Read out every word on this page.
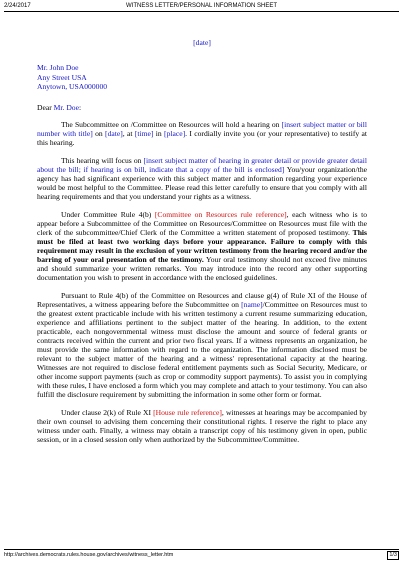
2/24/2017	WITNESS LETTER/PERSONAL INFORMATION SHEET
[date]
Mr. John Doe
Any Street USA
Anytown, USA000000
Dear Mr. Doe:

The Subcommittee on /Committee on Resources will hold a hearing on [insert subject matter or bill number with title] on [date], at [time] in [place]. I cordially invite you (or your representative) to testify at this hearing.

This hearing will focus on [insert subject matter of hearing in greater detail or provide greater detail about the bill; if hearing is on bill, indicate that a copy of the bill is enclosed] You/your organization/the agency has had significant experience with this subject matter and information regarding your experience would be most helpful to the Committee. Please read this letter carefully to ensure that you comply with all hearing requirements and that you understand your rights as a witness.

Under Committee Rule 4(b) [Committee on Resources rule reference], each witness who is to appear before a Subcommittee of the Committee on Resources/Committee on Resources must file with the clerk of the subcommittee/Chief Clerk of the Committee a written statement of proposed testimony. This must be filed at least two working days before your appearance. Failure to comply with this requirement may result in the exclusion of your written testimony from the hearing record and/or the barring of your oral presentation of the testimony. Your oral testimony should not exceed five minutes and should summarize your written remarks. You may introduce into the record any other supporting documentation you wish to present in accordance with the enclosed guidelines.

Pursuant to Rule 4(b) of the Committee on Resources and clause g(4) of Rule XI of the House of Representatives, a witness appearing before the Subcommittee on [name]/Committee on Resources must to the greatest extent practicable include with his written testimony a current resume summarizing education, experience and affiliations pertinent to the subject matter of the hearing. In addition, to the extent practicable, each nongovernmental witness must disclose the amount and source of federal grants or contracts received within the current and prior two fiscal years. If a witness represents an organization, he must provide the same information with regard to the organization. The information disclosed must be relevant to the subject matter of the hearing and a witness' representational capacity at the hearing. Witnesses are not required to disclose federal entitlement payments such as Social Security, Medicare, or other income support payments (such as crop or commodity support payments). To assist you in complying with these rules, I have enclosed a form which you may complete and attach to your testimony. You can also fulfill the disclosure requirement by submitting the information in some other form or format.

Under clause 2(k) of Rule XI [House rule reference], witnesses at hearings may be accompanied by their own counsel to advising them concerning their constitutional rights. I reserve the right to place any witness under oath. Finally, a witness may obtain a transcript copy of his testimony given in open, public session, or in a closed session only when authorized by the Subcommittee/Committee.

http://archives.democrats.rules.house.gov/archives/witness_letter.htm	1/3
